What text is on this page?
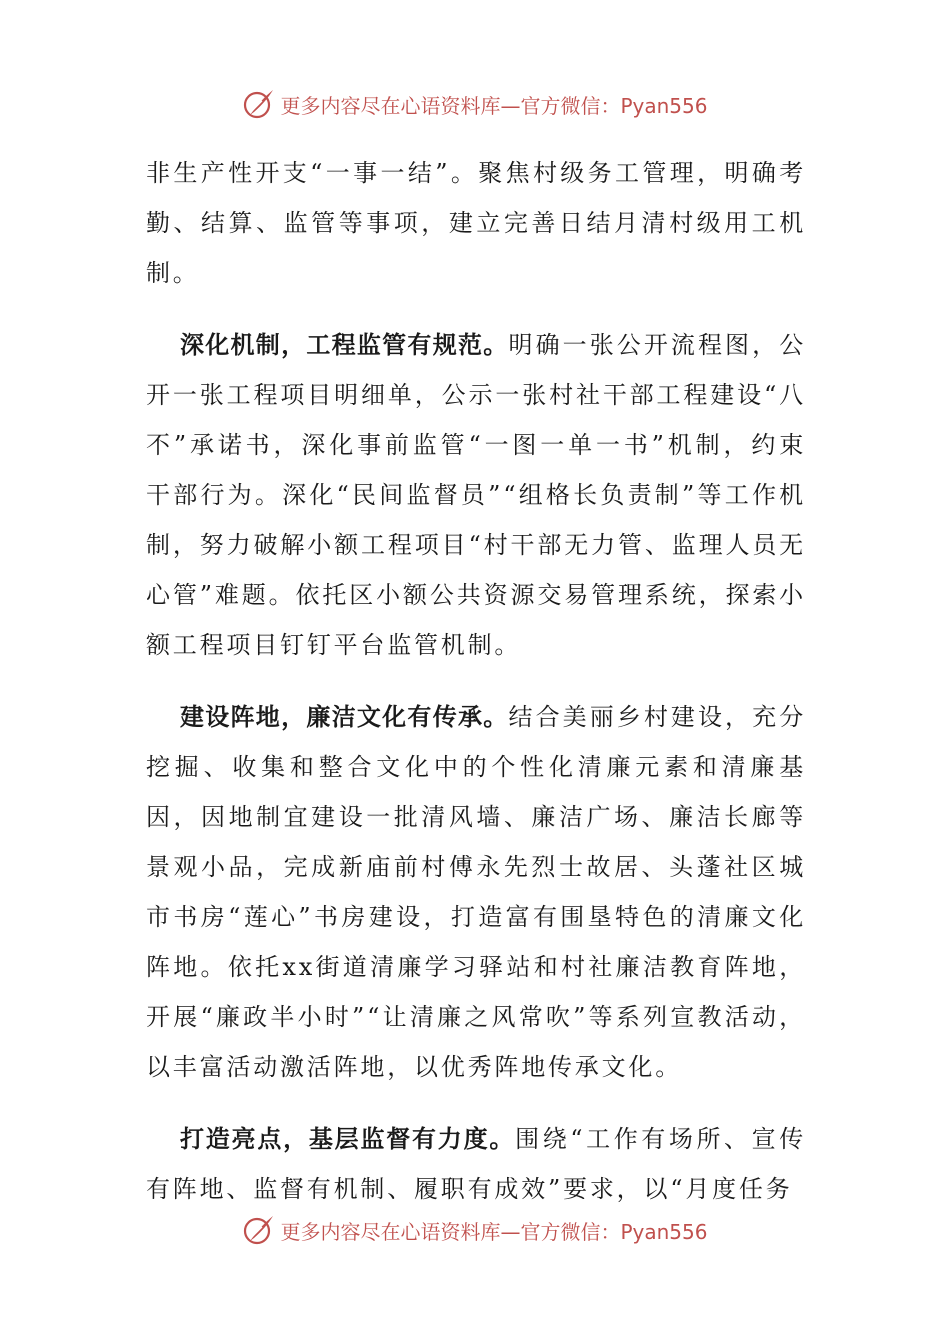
更多内容尽在心语资料库—官方微信：Pyan556

非生产性开支“一事一结”。聚焦村级务工管理，明确考勤、结算、监管等事项，建立完善日结月清村级用工机制。

深化机制，工程监管有规范。明确一张公开流程图，公开一张工程项目明细单，公示一张村社干部工程建设“八不”承诺书，深化事前监管“一图一单一书”机制，约束干部行为。深化“民间监督员”“组格长负责制”等工作机制，努力破解小额工程项目“村干部无力管、监理人员无心管”难题。依托区小额公共资源交易管理系统，探索小额工程项目钉钉平台监管机制。

建设阵地，廉洁文化有传承。结合美丽乡村建设，充分挖掘、收集和整合文化中的个性化清廉元素和清廉基因，因地制宜建设一批清风墙、廉洁广场、廉洁长廊等景观小品，完成新庙前村傅永先烈士故居、头蓬社区城市书房“莲心”书房建设，打造富有围垦特色的清廉文化阵地。依托xx街道清廉学习驿站和村社廉洁教育阵地，开展“廉政半小时”“让清廉之风常吹”等系列宣教活动，以丰富活动激活阵地，以优秀阵地传承文化。

打造亮点，基层监督有力度。围绕“工作有场所、宣传有阵地、监督有机制、履职有成效”要求，以“月度任务

更多内容尽在心语资料库—官方微信：Pyan556
